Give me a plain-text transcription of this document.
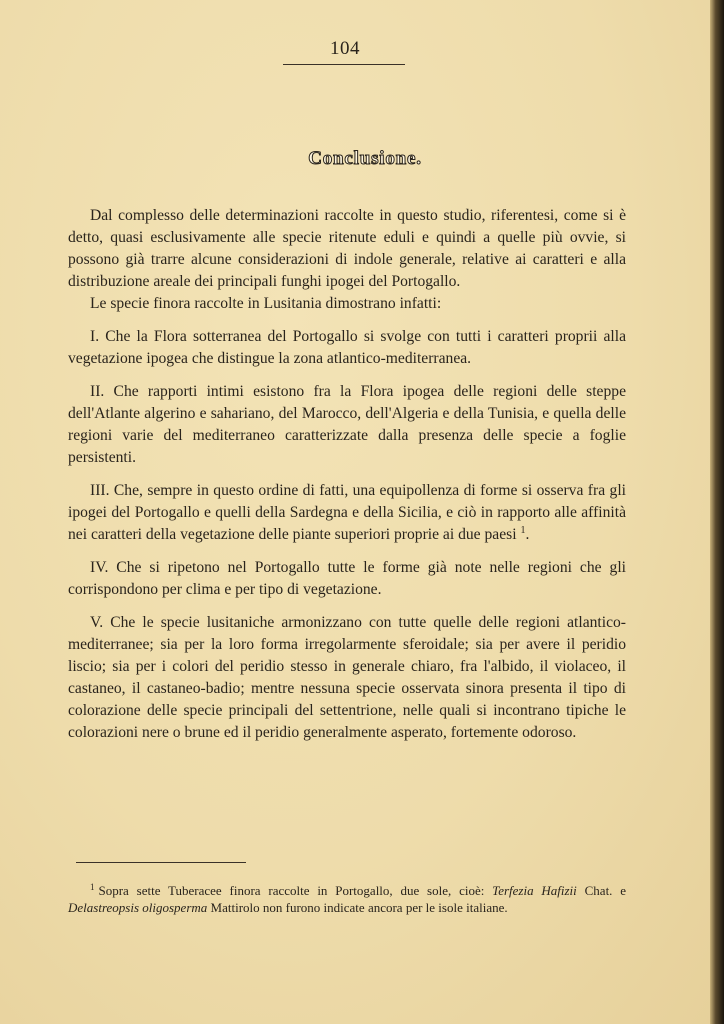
104
Conclusione.

Dal complesso delle determinazioni raccolte in questo studio, riferentesi, come si è detto, quasi esclusivamente alle specie ritenute eduli e quindi a quelle più ovvie, si possono già trarre alcune considerazioni di indole generale, relative ai caratteri e alla distribuzione areale dei principali funghi ipogei del Portogallo.

Le specie finora raccolte in Lusitania dimostrano infatti:

I. Che la Flora sotterranea del Portogallo si svolge con tutti i caratteri proprii alla vegetazione ipogea che distingue la zona atlantico-mediterranea.

II. Che rapporti intimi esistono fra la Flora ipogea delle regioni delle steppe dell'Atlante algerino e sahariano, del Marocco, dell'Algeria e della Tunisia, e quella delle regioni varie del mediterraneo caratterizzate dalla presenza delle specie a foglie persistenti.

III. Che, sempre in questo ordine di fatti, una equipollenza di forme si osserva fra gli ipogei del Portogallo e quelli della Sardegna e della Sicilia, e ciò in rapporto alle affinità nei caratteri della vegetazione delle piante superiori proprie ai due paesi $^1$.

IV. Che si ripetono nel Portogallo tutte le forme già note nelle regioni che gli corrispondono per clima e per tipo di vegetazione.

V. Che le specie lusitaniche armonizzano con tutte quelle delle regioni atlantico-mediterranee; sia per la loro forma irregolarmente sferoidale; sia per avere il peridio liscio; sia per i colori del peridio stesso in generale chiaro, fra l'albido, il violaceo, il castaneo, il castaneo-badio; mentre nessuna specie osservata sinora presenta il tipo di colorazione delle specie principali del settentrione, nelle quali si incontrano tipiche le colorazioni nere o brune ed il peridio generalmente asperato, fortemente odoroso.

$^1$ Sopra sette Tuberacee finora raccolte in Portogallo, due sole, cioè: Terfezia Hafizii Chat. e Delastreopsis oligosperma Mattirolo non furono indicate ancora per le isole italiane.
